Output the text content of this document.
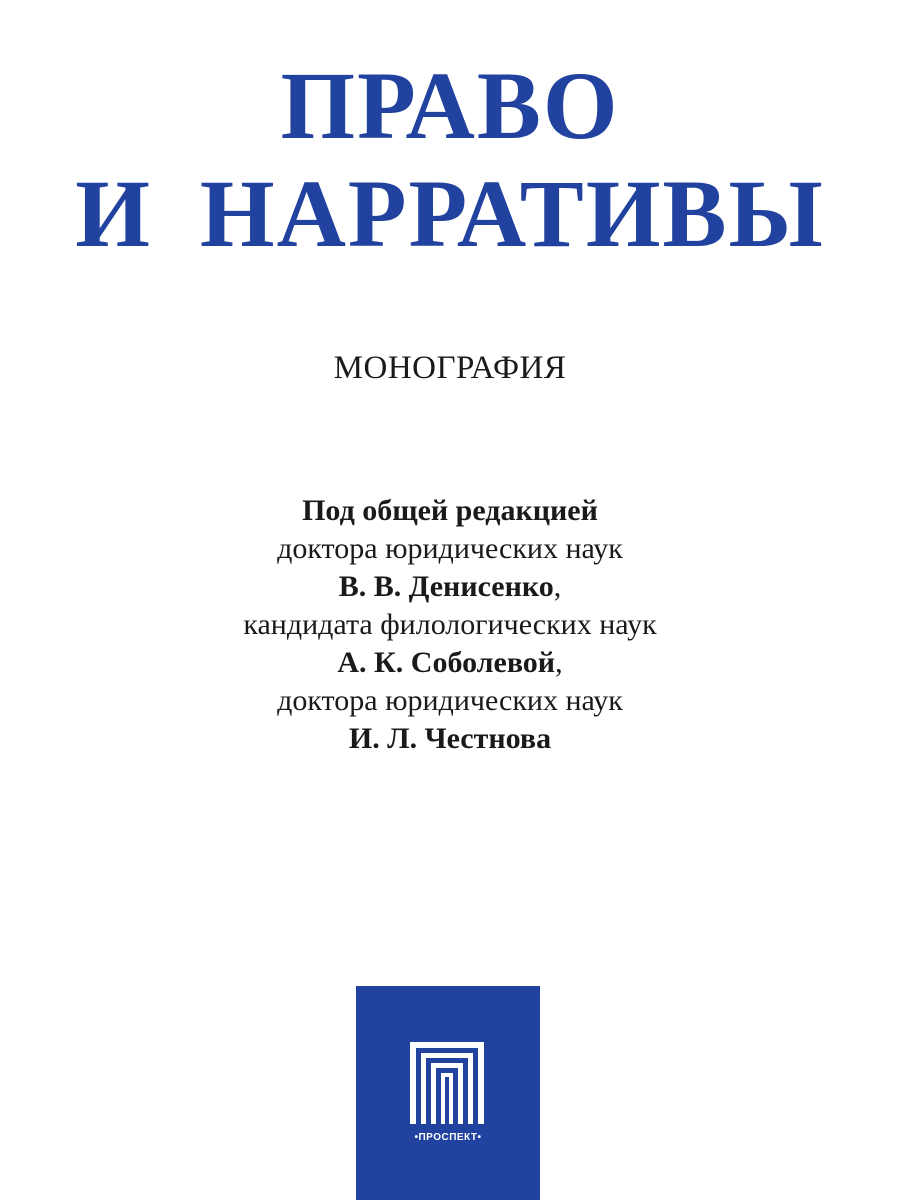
ПРАВО
И НАРРАТИВЫ

МОНОГРАФИЯ

Под общей редакцией
доктора юридических наук
В. В. Денисенко,
кандидата филологических наук
А. К. Соболевой,
доктора юридических наук
И. Л. Честнова
•ПРОСПЕКТ•
